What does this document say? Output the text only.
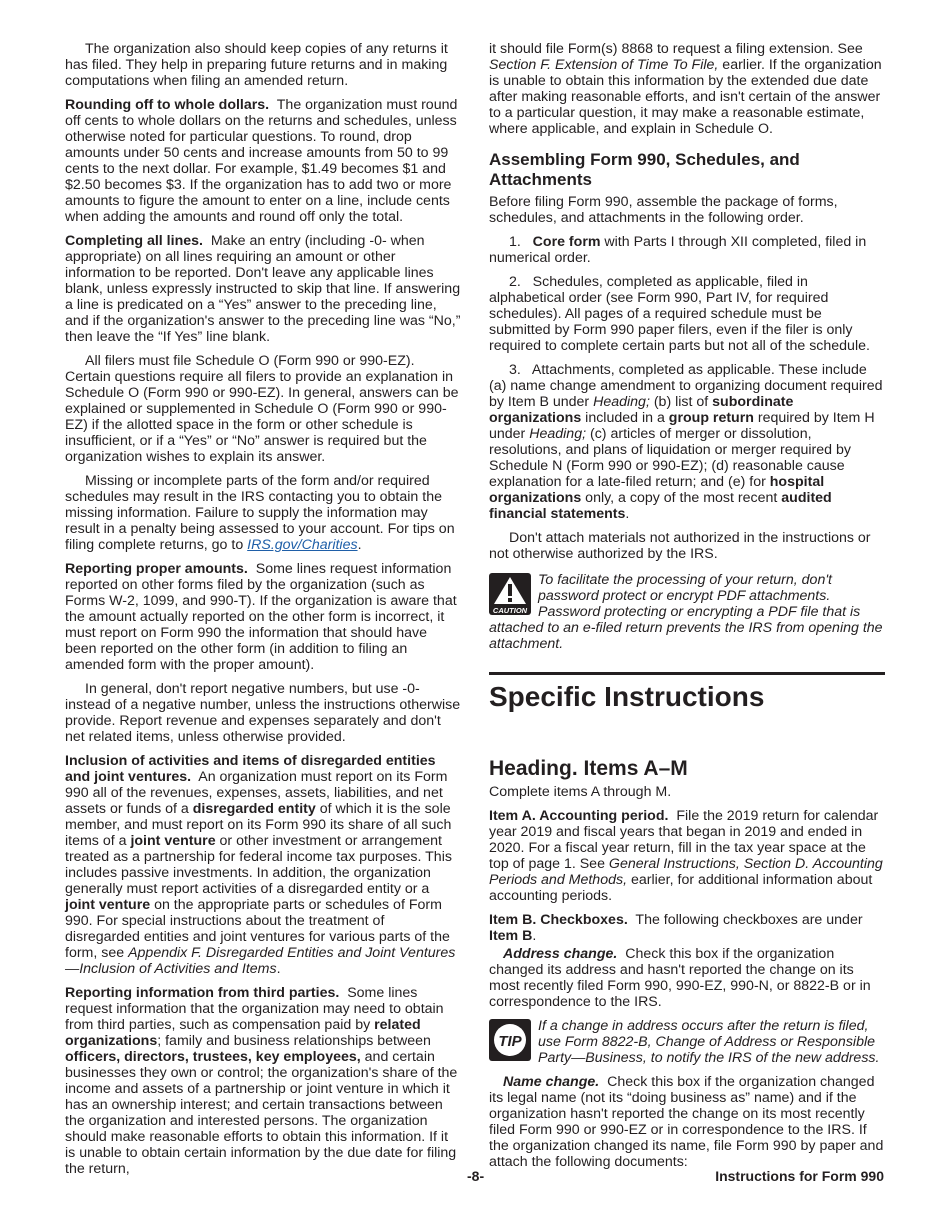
The organization also should keep copies of any returns it has filed. They help in preparing future returns and in making computations when filing an amended return.

Rounding off to whole dollars. The organization must round off cents to whole dollars on the returns and schedules, unless otherwise noted for particular questions. To round, drop amounts under 50 cents and increase amounts from 50 to 99 cents to the next dollar. For example, $1.49 becomes $1 and $2.50 becomes $3. If the organization has to add two or more amounts to figure the amount to enter on a line, include cents when adding the amounts and round off only the total.

Completing all lines. Make an entry (including -0- when appropriate) on all lines requiring an amount or other information to be reported. Don't leave any applicable lines blank, unless expressly instructed to skip that line. If answering a line is predicated on a “Yes” answer to the preceding line, and if the organization's answer to the preceding line was “No,” then leave the “If Yes” line blank.

All filers must file Schedule O (Form 990 or 990-EZ). Certain questions require all filers to provide an explanation in Schedule O (Form 990 or 990-EZ). In general, answers can be explained or supplemented in Schedule O (Form 990 or 990-EZ) if the allotted space in the form or other schedule is insufficient, or if a “Yes” or “No” answer is required but the organization wishes to explain its answer.

Missing or incomplete parts of the form and/or required schedules may result in the IRS contacting you to obtain the missing information. Failure to supply the information may result in a penalty being assessed to your account. For tips on filing complete returns, go to IRS.gov/Charities.

Reporting proper amounts. Some lines request information reported on other forms filed by the organization (such as Forms W-2, 1099, and 990-T). If the organization is aware that the amount actually reported on the other form is incorrect, it must report on Form 990 the information that should have been reported on the other form (in addition to filing an amended form with the proper amount).

In general, don't report negative numbers, but use -0- instead of a negative number, unless the instructions otherwise provide. Report revenue and expenses separately and don't net related items, unless otherwise provided.

Inclusion of activities and items of disregarded entities and joint ventures. An organization must report on its Form 990 all of the revenues, expenses, assets, liabilities, and net assets or funds of a disregarded entity of which it is the sole member, and must report on its Form 990 its share of all such items of a joint venture or other investment or arrangement treated as a partnership for federal income tax purposes. This includes passive investments. In addition, the organization generally must report activities of a disregarded entity or a joint venture on the appropriate parts or schedules of Form 990. For special instructions about the treatment of disregarded entities and joint ventures for various parts of the form, see Appendix F. Disregarded Entities and Joint Ventures—Inclusion of Activities and Items.

Reporting information from third parties. Some lines request information that the organization may need to obtain from third parties, such as compensation paid by related organizations; family and business relationships between officers, directors, trustees, key employees, and certain businesses they own or control; the organization's share of the income and assets of a partnership or joint venture in which it has an ownership interest; and certain transactions between the organization and interested persons. The organization should make reasonable efforts to obtain this information. If it is unable to obtain certain information by the due date for filing the return,

it should file Form(s) 8868 to request a filing extension. See Section F. Extension of Time To File, earlier. If the organization is unable to obtain this information by the extended due date after making reasonable efforts, and isn't certain of the answer to a particular question, it may make a reasonable estimate, where applicable, and explain in Schedule O.

Assembling Form 990, Schedules, and Attachments

Before filing Form 990, assemble the package of forms, schedules, and attachments in the following order.

1. Core form with Parts I through XII completed, filed in numerical order.

2. Schedules, completed as applicable, filed in alphabetical order (see Form 990, Part IV, for required schedules). All pages of a required schedule must be submitted by Form 990 paper filers, even if the filer is only required to complete certain parts but not all of the schedule.

3. Attachments, completed as applicable. These include (a) name change amendment to organizing document required by Item B under Heading; (b) list of subordinate organizations included in a group return required by Item H under Heading; (c) articles of merger or dissolution, resolutions, and plans of liquidation or merger required by Schedule N (Form 990 or 990-EZ); (d) reasonable cause explanation for a late-filed return; and (e) for hospital organizations only, a copy of the most recent audited financial statements.

Don't attach materials not authorized in the instructions or not otherwise authorized by the IRS.

CAUTION
To facilitate the processing of your return, don't password protect or encrypt PDF attachments. Password protecting or encrypting a PDF file that is attached to an e-filed return prevents the IRS from opening the attachment.
Specific Instructions
Heading. Items A–M

Complete items A through M.

Item A. Accounting period. File the 2019 return for calendar year 2019 and fiscal years that began in 2019 and ended in 2020. For a fiscal year return, fill in the tax year space at the top of page 1. See General Instructions, Section D. Accounting Periods and Methods, earlier, for additional information about accounting periods.

Item B. Checkboxes. The following checkboxes are under Item B.

Address change. Check this box if the organization changed its address and hasn't reported the change on its most recently filed Form 990, 990-EZ, 990-N, or 8822-B or in correspondence to the IRS.

TIP
If a change in address occurs after the return is filed, use Form 8822-B, Change of Address or Responsible Party—Business, to notify the IRS of the new address.

Name change. Check this box if the organization changed its legal name (not its “doing business as” name) and if the organization hasn't reported the change on its most recently filed Form 990 or 990-EZ or in correspondence to the IRS. If the organization changed its name, file Form 990 by paper and attach the following documents:

-8-	Instructions for Form 990
